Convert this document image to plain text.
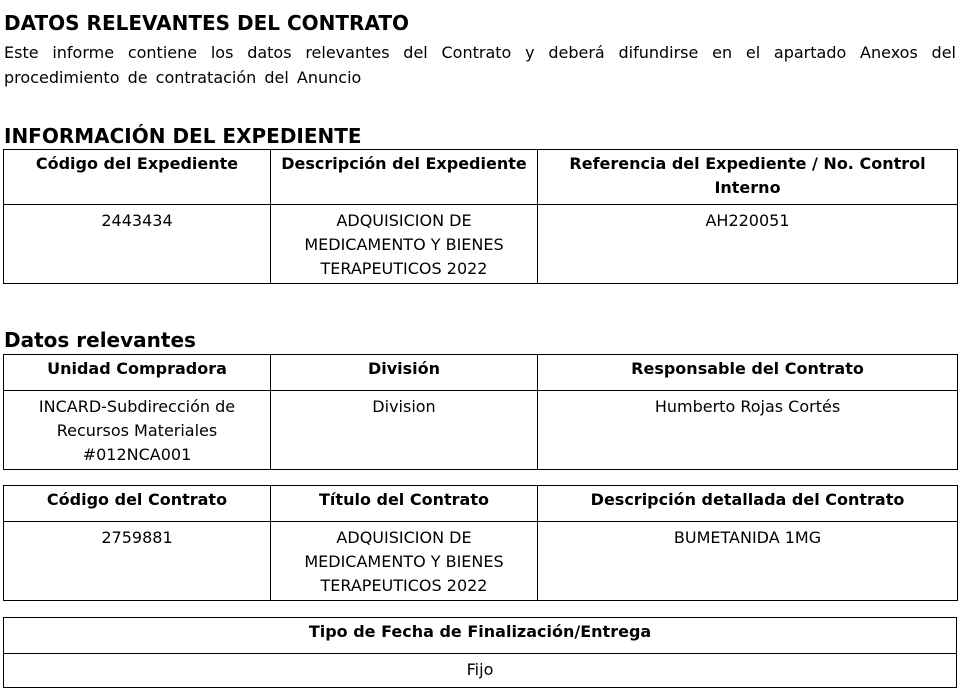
DATOS RELEVANTES DEL CONTRATO

Este informe contiene los datos relevantes del Contrato y deberá difundirse en el apartado Anexos del procedimiento de contratación del Anuncio

INFORMACIÓN DEL EXPEDIENTE
Código del Expediente	Descripción del Expediente	Referencia del Expediente / No. Control Interno
2443434	ADQUISICION DE MEDICAMENTO Y BIENES TERAPEUTICOS 2022	AH220051
Datos relevantes
Unidad Compradora	División	Responsable del Contrato
INCARD-Subdirección de Recursos Materiales #012NCA001	Division	Humberto Rojas Cortés
Código del Contrato	Título del Contrato	Descripción detallada del Contrato
2759881	ADQUISICION DE MEDICAMENTO Y BIENES TERAPEUTICOS 2022	BUMETANIDA 1MG
Tipo de Fecha de Finalización/Entrega
Fijo
